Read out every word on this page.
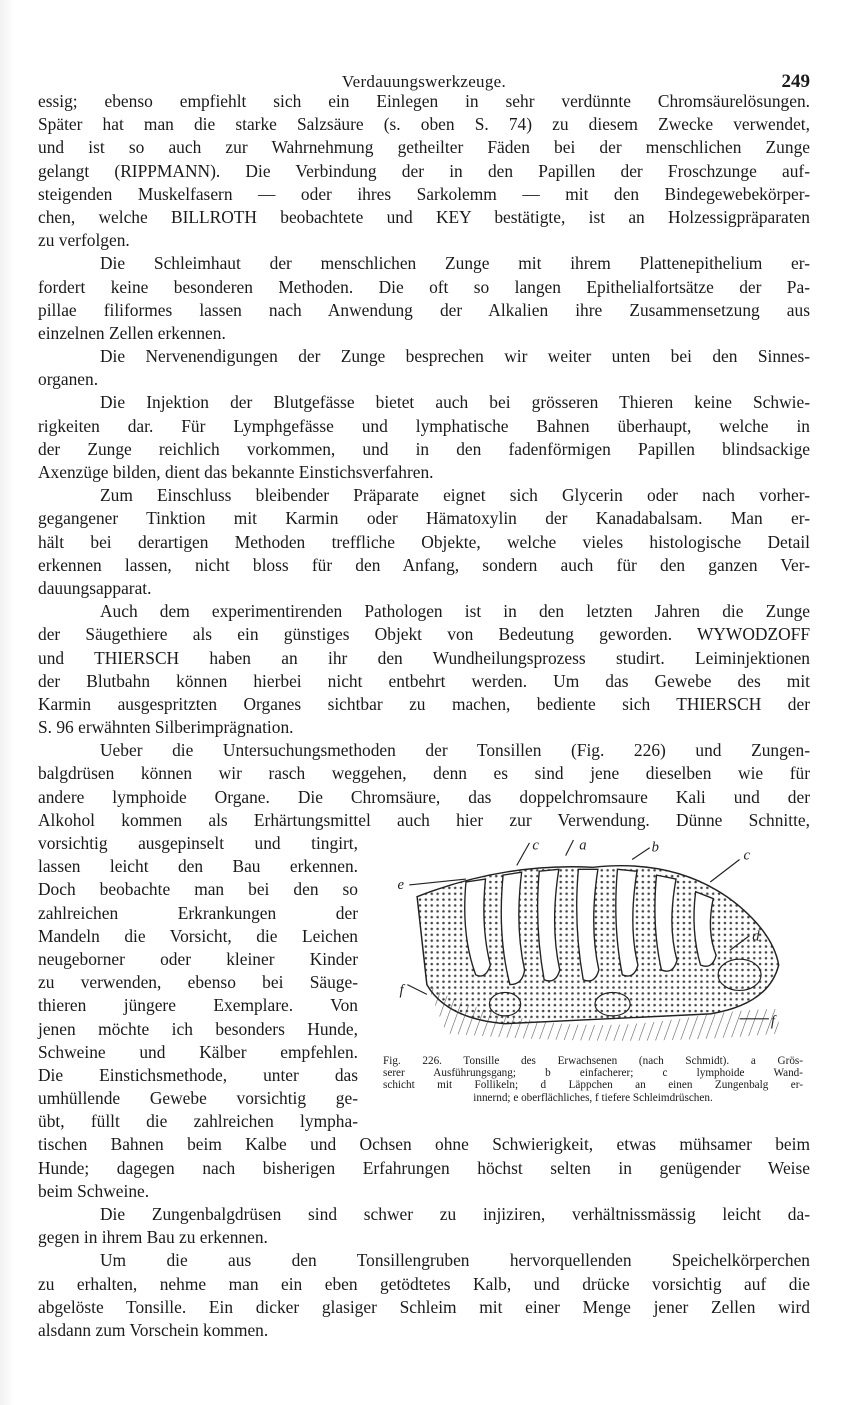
Verdauungswerkzeuge.	249
essig; ebenso empfiehlt sich ein Einlegen in sehr verdünnte Chromsäurelösungen.
Später hat man die starke Salzsäure (s. oben S. 74) zu diesem Zwecke verwendet,
und ist so auch zur Wahrnehmung getheilter Fäden bei der menschlichen Zunge
gelangt (RIPPMANN). Die Verbindung der in den Papillen der Froschzunge auf-
steigenden Muskelfasern — oder ihres Sarkolemm — mit den Bindegewebekörper-
chen, welche BILLROTH beobachtete und KEY bestätigte, ist an Holzessigpräparaten
zu verfolgen.
Die Schleimhaut der menschlichen Zunge mit ihrem Plattenepithelium er-
fordert keine besonderen Methoden. Die oft so langen Epithelialfortsätze der Pa-
pillae filiformes lassen nach Anwendung der Alkalien ihre Zusammensetzung aus
einzelnen Zellen erkennen.
Die Nervenendigungen der Zunge besprechen wir weiter unten bei den Sinnes-
organen.
Die Injektion der Blutgefässe bietet auch bei grösseren Thieren keine Schwie-
rigkeiten dar. Für Lymphgefässe und lymphatische Bahnen überhaupt, welche in
der Zunge reichlich vorkommen, und in den fadenförmigen Papillen blindsackige
Axenzüge bilden, dient das bekannte Einstichsverfahren.
Zum Einschluss bleibender Präparate eignet sich Glycerin oder nach vorher-
gegangener Tinktion mit Karmin oder Hämatoxylin der Kanadabalsam. Man er-
hält bei derartigen Methoden treffliche Objekte, welche vieles histologische Detail
erkennen lassen, nicht bloss für den Anfang, sondern auch für den ganzen Ver-
dauungsapparat.
Auch dem experimentirenden Pathologen ist in den letzten Jahren die Zunge
der Säugethiere als ein günstiges Objekt von Bedeutung geworden. WYWODZOFF
und THIERSCH haben an ihr den Wundheilungsprozess studirt. Leiminjektionen
der Blutbahn können hierbei nicht entbehrt werden. Um das Gewebe des mit
Karmin ausgespritzten Organes sichtbar zu machen, bediente sich THIERSCH der
S. 96 erwähnten Silberimprägnation.
Ueber die Untersuchungsmethoden der Tonsillen (Fig. 226) und Zungen-
balgdrüsen können wir rasch weggehen, denn es sind jene dieselben wie für
andere lymphoide Organe. Die Chromsäure, das doppelchromsaure Kali und der
Alkohol kommen als Erhärtungsmittel auch hier zur Verwendung. Dünne Schnitte,
vorsichtig ausgepinselt und tingirt,
lassen leicht den Bau erkennen.
Doch beobachte man bei den so
zahlreichen Erkrankungen der
Mandeln die Vorsicht, die Leichen
neugeborner oder kleiner Kinder
zu verwenden, ebenso bei Säuge-
thieren jüngere Exemplare. Von
jenen möchte ich besonders Hunde,
Schweine und Kälber empfehlen.
Die Einstichsmethode, unter das
umhüllende Gewebe vorsichtig ge-
übt, füllt die zahlreichen lympha-
tischen Bahnen beim Kalbe und Ochsen ohne Schwierigkeit, etwas mühsamer beim
Hunde; dagegen nach bisherigen Erfahrungen höchst selten in genügender Weise
beim Schweine.
Die Zungenbalgdrüsen sind schwer zu injiziren, verhältnissmässig leicht da-
gegen in ihrem Bau zu erkennen.
Um die aus den Tonsillengruben hervorquellenden Speichelkörperchen
zu erhalten, nehme man ein eben getödtetes Kalb, und drücke vorsichtig auf die
abgelöste Tonsille. Ein dicker glasiger Schleim mit einer Menge jener Zellen wird
alsdann zum Vorschein kommen.
e
c	a	b	c
d
f
f
Fig. 226. Tonsille des Erwachsenen (nach Schmidt). a Grös-
serer Ausführungsgang; b einfacherer; c lymphoide Wand-
schicht mit Follikeln; d Läppchen an einen Zungenbalg er-
innernd; e oberflächliches, f tiefere Schleimdrüschen.
